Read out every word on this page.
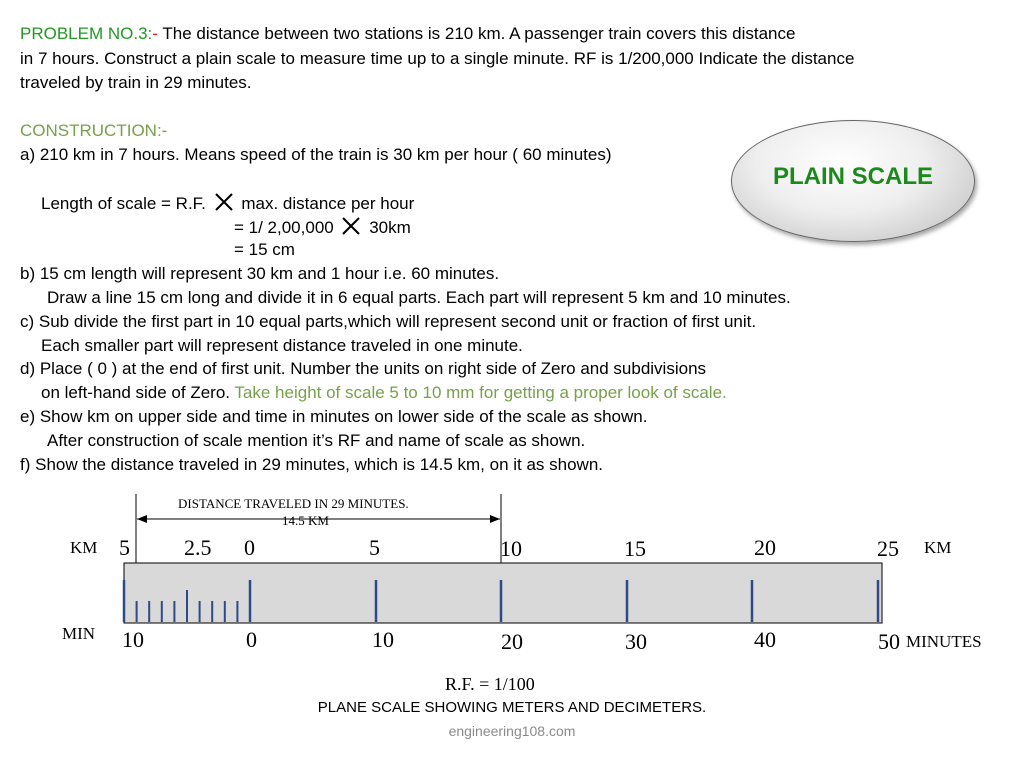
PROBLEM NO.3:- The distance between two stations is 210 km. A passenger train covers this distance
in 7 hours. Construct a plain scale to measure time up to a single minute. RF is 1/200,000 Indicate the distance
traveled by train in 29 minutes.
CONSTRUCTION:-
a) 210 km in 7 hours. Means speed of the train is 30 km per hour ( 60 minutes)
Length of scale = R.F. max. distance per hour
= 1/ 2,00,000 30km
= 15 cm
b) 15 cm length will represent 30 km and 1 hour i.e. 60 minutes.
Draw a line 15 cm long and divide it in 6 equal parts. Each part will represent 5 km and 10 minutes.
c) Sub divide the first part in 10 equal parts,which will represent second unit or fraction of first unit.
Each smaller part will represent distance traveled in one minute.
d) Place ( 0 ) at the end of first unit. Number the units on right side of Zero and subdivisions
on left-hand side of Zero. Take height of scale 5 to 10 mm for getting a proper look of scale.
e) Show km on upper side and time in minutes on lower side of the scale as shown.
After construction of scale mention it’s RF and name of scale as shown.
f) Show the distance traveled in 29 minutes, which is 14.5 km, on it as shown.
PLAIN SCALE
DISTANCE TRAVELED IN 29 MINUTES.
14.5 KM
KM	KM
MIN	MINUTES
5 2.5 0	5	10	15	20	25
10	0	10	20	30	40	50
R.F. = 1/100
PLANE SCALE SHOWING METERS AND DECIMETERS.
engineering108.com
